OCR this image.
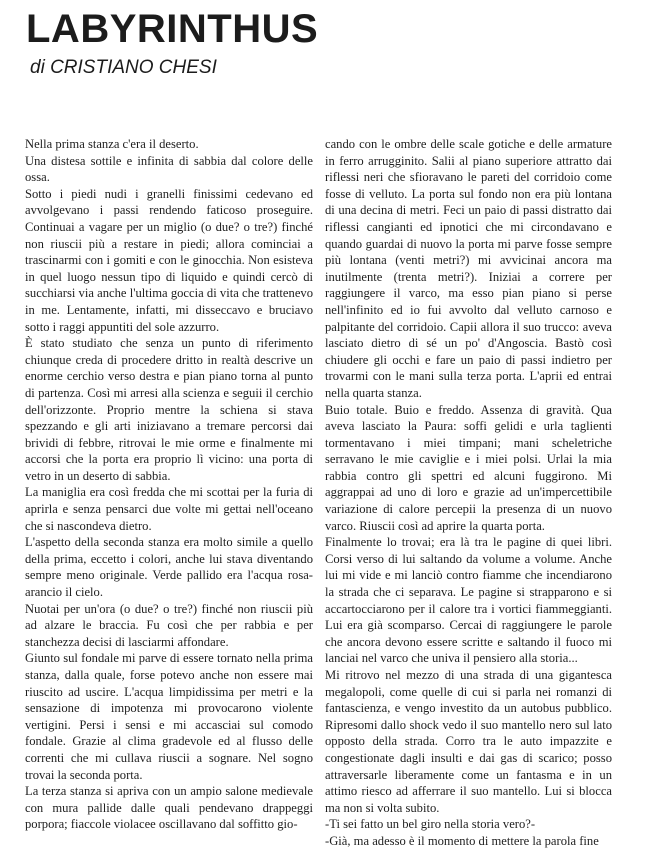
LABYRINTHUS
di CRISTIANO CHESI

Nella prima stanza c'era il deserto.

Una distesa sottile e infinita di sabbia dal colore delle ossa.

Sotto i piedi nudi i granelli finissimi cedevano ed avvolgevano i passi rendendo faticoso proseguire. Continuai a vagare per un miglio (o due? o tre?) finché non riuscii più a restare in piedi; allora cominciai a trascinarmi con i gomiti e con le ginocchia. Non esisteva in quel luogo nessun tipo di liquido e quindi cercò di succhiarsi via anche l'ultima goccia di vita che trattenevo in me. Lentamente, infatti, mi disseccavo e bruciavo sotto i raggi appuntiti del sole azzurro.

È stato studiato che senza un punto di riferimento chiunque creda di procedere dritto in realtà descrive un enorme cerchio verso destra e pian piano torna al punto di partenza. Così mi arresi alla scienza e seguii il cerchio dell'orizzonte. Proprio mentre la schiena si stava spezzando e gli arti iniziavano a tremare percorsi dai brividi di febbre, ritrovai le mie orme e finalmente mi accorsi che la porta era proprio lì vicino: una porta di vetro in un deserto di sabbia.

La maniglia era così fredda che mi scottai per la furia di aprirla e senza pensarci due volte mi gettai nell'oceano che si nascondeva dietro.

L'aspetto della seconda stanza era molto simile a quello della prima, eccetto i colori, anche lui stava diventando sempre meno originale. Verde pallido era l'acqua rosa-arancio il cielo.

Nuotai per un'ora (o due? o tre?) finché non riuscii più ad alzare le braccia. Fu così che per rabbia e per stanchezza decisi di lasciarmi affondare.

Giunto sul fondale mi parve di essere tornato nella prima stanza, dalla quale, forse potevo anche non essere mai riuscito ad uscire. L'acqua limpidissima per metri e la sensazione di impotenza mi provocarono violente vertigini. Persi i sensi e mi accasciai sul comodo fondale. Grazie al clima gradevole ed al flusso delle correnti che mi cullava riuscii a sognare. Nel sogno trovai la seconda porta.

La terza stanza si apriva con un ampio salone medievale con mura pallide dalle quali pendevano drappeggi porpora; fiaccole violacee oscillavano dal soffitto gio-

cando con le ombre delle scale gotiche e delle armature in ferro arrugginito. Salii al piano superiore attratto dai riflessi neri che sfioravano le pareti del corridoio come fosse di velluto. La porta sul fondo non era più lontana di una decina di metri. Feci un paio di passi distratto dai riflessi cangianti ed ipnotici che mi circondavano e quando guardai di nuovo la porta mi parve fosse sempre più lontana (venti metri?) mi avvicinai ancora ma inutilmente (trenta metri?). Iniziai a correre per raggiungere il varco, ma esso pian piano si perse nell'infinito ed io fui avvolto dal velluto carnoso e palpitante del corridoio. Capii allora il suo trucco: aveva lasciato dietro di sé un po' d'Angoscia. Bastò così chiudere gli occhi e fare un paio di passi indietro per trovarmi con le mani sulla terza porta. L'aprii ed entrai nella quarta stanza.

Buio totale. Buio e freddo. Assenza di gravità. Qua aveva lasciato la Paura: soffi gelidi e urla taglienti tormentavano i miei timpani; mani scheletriche serravano le mie caviglie e i miei polsi. Urlai la mia rabbia contro gli spettri ed alcuni fuggirono. Mi aggrappai ad uno di loro e grazie ad un'impercettibile variazione di calore percepii la presenza di un nuovo varco. Riuscii così ad aprire la quarta porta.

Finalmente lo trovai; era là tra le pagine di quei libri. Corsi verso di lui saltando da volume a volume. Anche lui mi vide e mi lanciò contro fiamme che incendiarono la strada che ci separava. Le pagine si strapparono e si accartocciarono per il calore tra i vortici fiammeggianti. Lui era già scomparso. Cercai di raggiungere le parole che ancora devono essere scritte e saltando il fuoco mi lanciai nel varco che univa il pensiero alla storia...

Mi ritrovo nel mezzo di una strada di una gigantesca megalopoli, come quelle di cui si parla nei romanzi di fantascienza, e vengo investito da un autobus pubblico. Ripresomi dallo shock vedo il suo mantello nero sul lato opposto della strada. Corro tra le auto impazzite e congestionate dagli insulti e dai gas di scarico; posso attraversarle liberamente come un fantasma e in un attimo riesco ad afferrare il suo mantello. Lui si blocca ma non si volta subito.

-Ti sei fatto un bel giro nella storia vero?-

-Già, ma adesso è il momento di mettere la parola fine
